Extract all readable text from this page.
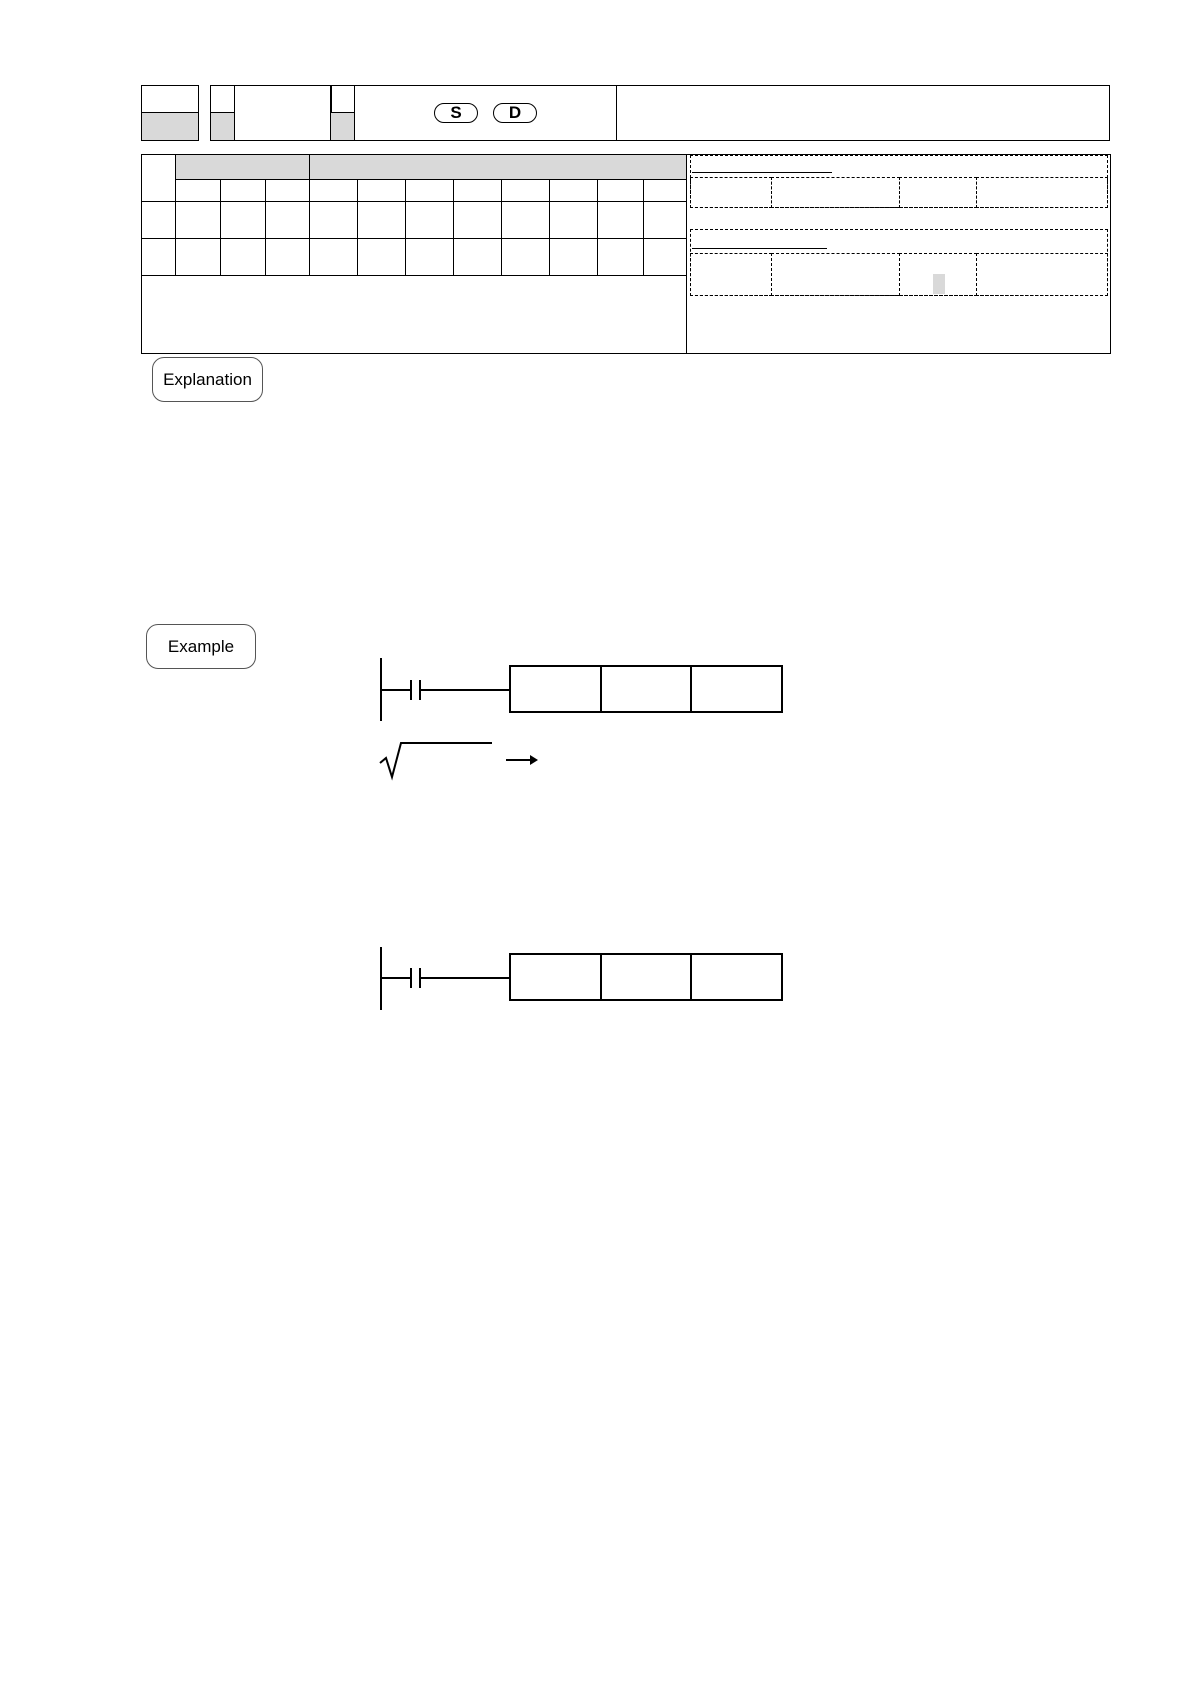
S	D
Explanation
Example
